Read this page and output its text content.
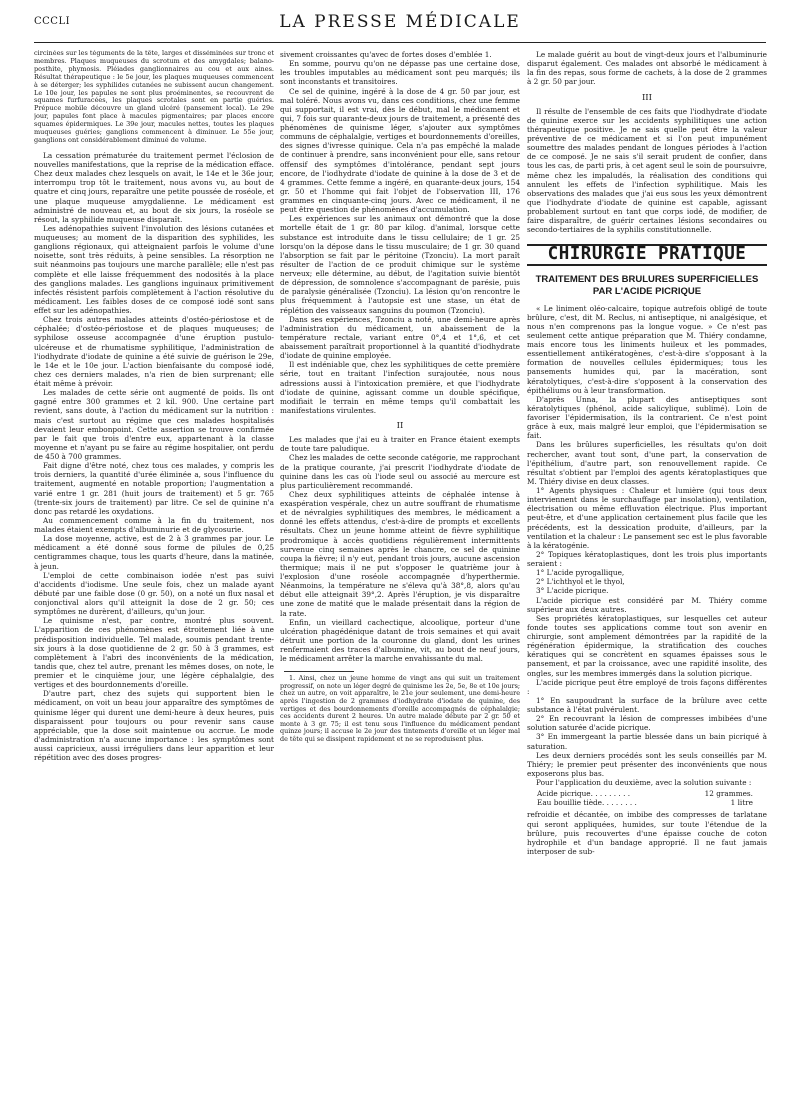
CCCLI	LA PRESSE MÉDICALE

circinées sur les téguments de la tête, larges et disséminées sur tronc et membres. Plaques muqueuses du scrotum et des amygdales; balano-posthite, phymosis. Pléiades ganglionnaires au cou et aux aines. Résultat thérapeutique : le 5e jour, les plaques muqueuses commencent à se déterger; les syphilides cutanées ne subissent aucun changement. Le 10e jour, les papules ne sont plus proéminentes, se recouvrent de squames furfuracées, les plaques scrotales sont en partie guéries. Prépuce mobile découvre un gland ulcéré (pansement local). Le 29e jour, papules font place à macules pigmentaires; par places encore squames épidermiques. Le 39e jour, macules nettes, toutes les plaques muqueuses guéries; ganglions commencent à diminuer. Le 55e jour, ganglions ont considérablement diminué de volume.

La cessation prématurée du traitement permet l'éclosion de nouvelles manifestations, que la reprise de la médication efface. Chez deux malades chez lesquels on avait, le 14e et le 36e jour, interrompu trop tôt le traitement, nous avons vu, au bout de quatre et cinq jours, reparaître une petite poussée de roséole, et une plaque muqueuse amygdalienne. Le médicament est administré de nouveau et, au bout de six jours, la roséole se résout, la syphilide muqueuse disparaît.

Les adénopathies suivent l'involution des lésions cutanées et muqueuses; au moment de la disparition des syphilides, les ganglions régionaux, qui atteignaient parfois le volume d'une noisette, sont très réduits, à peine sensibles. La résorption ne suit néanmoins pas toujours une marche parallèle; elle n'est pas complète et elle laisse fréquemment des nodosités à la place des ganglions malades. Les ganglions inguinaux primitivement infectés résistent parfois complètement à l'action résolutive du médicament. Les faibles doses de ce composé iodé sont sans effet sur les adénopathies.

Chez trois autres malades atteints d'ostéo-périostose et de céphalée; d'ostéo-périostose et de plaques muqueuses; de syphilose osseuse accompagnée d'une éruption pustulo-ulcéreuse et de rhumatisme syphilitique, l'administration de l'iodhydrate d'iodate de quinine a été suivie de guérison le 29e, le 14e et le 10e jour. L'action bienfaisante du composé iodé, chez ces derniers malades, n'a rien de bien surprenant; elle était même à prévoir.

Les malades de cette série ont augmenté de poids. Ils ont gagné entre 300 grammes et 2 kil. 900. Une certaine part revient, sans doute, à l'action du médicament sur la nutrition : mais c'est surtout au régime que ces malades hospitalisés devaient leur embonpoint. Cette assertion se trouve confirmée par le fait que trois d'entre eux, appartenant à la classe moyenne et n'ayant pu se faire au régime hospitalier, ont perdu de 450 à 700 grammes.

Fait digne d'être noté, chez tous ces malades, y compris les trois derniers, la quantité d'urée éliminée a, sous l'influence du traitement, augmenté en notable proportion; l'augmentation a varié entre 1 gr. 281 (huit jours de traitement) et 5 gr. 765 (trente-six jours de traitement) par litre. Ce sel de quinine n'a donc pas retardé les oxydations.

Au commencement comme à la fin du traitement, nos malades étaient exempts d'albuminurie et de glycosurie.

La dose moyenne, active, est de 2 à 3 grammes par jour. Le médicament a été donné sous forme de pilules de 0,25 centigrammes chaque, tous les quarts d'heure, dans la matinée, à jeun.

L'emploi de cette combinaison iodée n'est pas suivi d'accidents d'iodisme. Une seule fois, chez un malade ayant débuté par une faible dose (0 gr. 50), on a noté un flux nasal et conjonctival alors qu'il atteignit la dose de 2 gr. 50; ces symptômes ne durèrent, d'ailleurs, qu'un jour.

Le quinisme n'est, par contre, montré plus souvent. L'apparition de ces phénomènes est étroitement liée à une prédisposition individuelle. Tel malade, soumis pendant trente-six jours à la dose quotidienne de 2 gr. 50 à 3 grammes, est complètement à l'abri des inconvénients de la médication, tandis que, chez tel autre, prenant les mêmes doses, on note, le premier et le cinquième jour, une légère céphalalgie, des vertiges et des bourdonnements d'oreille.

D'autre part, chez des sujets qui supportent bien le médicament, on voit un beau jour apparaître des symptômes de quinisme léger qui durent une demi-heure à deux heures, puis disparaissent pour toujours ou pour revenir sans cause appréciable, que la dose soit maintenue ou accrue. Le mode d'administration n'a aucune importance : les symptômes sont aussi capricieux, aussi irréguliers dans leur apparition et leur répétition avec des doses progres-

sivement croissantes qu'avec de fortes doses d'emblée 1.

En somme, pourvu qu'on ne dépasse pas une certaine dose, les troubles imputables au médicament sont peu marqués; ils sont inconstants et transitoires.

Ce sel de quinine, ingéré à la dose de 4 gr. 50 par jour, est mal toléré. Nous avons vu, dans ces conditions, chez une femme qui supportait, il est vrai, dès le début, mal le médicament et qui, 7 fois sur quarante-deux jours de traitement, a présenté des phénomènes de quinisme léger, s'ajouter aux symptômes communs de céphalalgie, vertiges et bourdonnements d'oreilles, des signes d'ivresse quinique. Cela n'a pas empêché la malade de continuer à prendre, sans inconvénient pour elle, sans retour offensif des symptômes d'intolérance, pendant sept jours encore, de l'iodhydrate d'iodate de quinine à la dose de 3 et de 4 grammes. Cette femme a ingéré, en quarante-deux jours, 154 gr. 50 et l'homme qui fait l'objet de l'observation III, 176 grammes en cinquante-cinq jours. Avec ce médicament, il ne peut être question de phénomènes d'accumulation.

Les expériences sur les animaux ont démontré que la dose mortelle était de 1 gr. 80 par kilog. d'animal, lorsque cette substance est introduite dans le tissu cellulaire; de 1 gr. 25 lorsqu'on la dépose dans le tissu musculaire; de 1 gr. 30 quand l'absorption se fait par le péritoine (Tzonciu). La mort paraît résulter de l'action de ce produit chimique sur le système nerveux; elle détermine, au début, de l'agitation suivie bientôt de dépression, de somnolence s'accompagnant de parésie, puis de paralysie généralisée (Tzonciu). La lésion qu'on rencontre le plus fréquemment à l'autopsie est une stase, un état de réplétion des vaisseaux sanguins du poumon (Tzonciu).

Dans ses expériences, Tzonciu a noté, une demi-heure après l'administration du médicament, un abaissement de la température rectale, variant entre 0°,4 et 1°,6, et cet abaissement paraîtrait proportionnel à la quantité d'iodhydrate d'iodate de quinine employée.

Il est indéniable que, chez les syphilitiques de cette première série, tout en traitant l'infection surajoutée, nous nous adressions aussi à l'intoxication première, et que l'iodhydrate d'iodate de quinine, agissant comme un double spécifique, modifiait le terrain en même temps qu'il combattait les manifestations virulentes.

II

Les malades que j'ai eu à traiter en France étaient exempts de toute tare paludique.

Chez les malades de cette seconde catégorie, me rapprochant de la pratique courante, j'ai prescrit l'iodhydrate d'iodate de quinine dans les cas où l'iode seul ou associé au mercure est plus particulièrement recommandé.

Chez deux syphilitiques atteints de céphalée intense à exaspération vespérale, chez un autre souffrant de rhumatisme et de névralgies syphilitiques des membres, le médicament a donné les effets attendus, c'est-à-dire de prompts et excellents résultats. Chez un jeune homme atteint de fièvre syphilitique prodromique à accès quotidiens régulièrement intermittents survenue cinq semaines après le chancre, ce sel de quinine coupa la fièvre; il n'y eut, pendant trois jours, aucune ascension thermique; mais il ne put s'opposer le quatrième jour à l'explosion d'une roséole accompagnée d'hyperthermie. Néanmoins, la température ne s'éleva qu'à 38°,8, alors qu'au début elle atteignait 39°,2. Après l'éruption, je vis disparaître une zone de matité que le malade présentait dans la région de la rate.

Enfin, un vieillard cachectique, alcoolique, porteur d'une ulcération phagédénique datant de trois semaines et qui avait détruit une portion de la couronne du gland, dont les urines renfermaient des traces d'albumine, vit, au bout de neuf jours, le médicament arrêter la marche envahissante du mal.

1. Ainsi, chez un jeune homme de vingt ans qui suit un traitement progressif, on note un léger degré de quinisme les 2e, 5e, 8e et 10e jours; chez un autre, on voit apparaître, le 21e jour seulement, une demi-heure après l'ingestion de 2 grammes d'iodhydrate d'iodate de quinine, des vertiges et des bourdonnements d'oreille accompagnés de céphalalgie; ces accidents durent 2 heures. Un autre malade débute par 2 gr. 50 et monte à 3 gr. 75; il est tenu sous l'influence du médicament pendant quinze jours; il accuse le 2e jour des tintements d'oreille et un léger mal de tête qui se dissipent rapidement et ne se reproduisent plus.

Le malade guérit au bout de vingt-deux jours et l'albuminurie disparut également. Ces malades ont absorbé le médicament à la fin des repas, sous forme de cachets, à la dose de 2 grammes à 2 gr. 50 par jour.

III

Il résulte de l'ensemble de ces faits que l'iodhydrate d'iodate de quinine exerce sur les accidents syphilitiques une action thérapeutique positive. Je ne sais quelle peut être la valeur préventive de ce médicament et si l'on peut impunément soumettre des malades pendant de longues périodes à l'action de ce composé. Je ne sais s'il serait prudent de confier, dans tous les cas, de parti pris, à cet agent seul le soin de poursuivre, même chez les impaludés, la réalisation des conditions qui annulent les effets de l'infection syphilitique. Mais les observations des malades que j'ai eus sous les yeux démontrent que l'iodhydrate d'iodate de quinine est capable, agissant probablement surtout en tant que corps iodé, de modifier, de faire disparaître, de guérir certaines lésions secondaires ou secondo-tertiaires de la syphilis constitutionnelle.

CHIRURGIE PRATIQUE
TRAITEMENT DES BRULURES SUPERFICIELLES
PAR L'ACIDE PICRIQUE

« Le liniment oléo-calcaire, topique autrefois obligé de toute brûlure, c'est, dit M. Reclus, ni antiseptique, ni analgésique, et nous n'en comprenons pas la longue vogue. » Ce n'est pas seulement cette antique préparation que M. Thiéry condamne, mais encore tous les liniments huileux et les pommades, essentiellement antikératogènes, c'est-à-dire s'opposant à la formation de nouvelles cellules épidermiques; tous les pansements humides qui, par la macération, sont kératolytiques, c'est-à-dire s'opposent à la conservation des épithéliums ou à leur transformation.

D'après Unna, la plupart des antiseptiques sont kératolytiques (phénol, acide salicylique, sublimé). Loin de favoriser l'épidermisation, ils la contrarient. Ce n'est point grâce à eux, mais malgré leur emploi, que l'épidermisation se fait.

Dans les brûlures superficielles, les résultats qu'on doit rechercher, avant tout sont, d'une part, la conservation de l'épithélium, d'autre part, son renouvellement rapide. Ce résultat s'obtient par l'emploi des agents kératoplastiques que M. Thiéry divise en deux classes.

1° Agents physiques : Chaleur et lumière (qui tous deux interviennent dans le surchauffage par insolation), ventilation, électrisation ou même effluvation électrique. Plus important peut-être, et d'une application certainement plus facile que les précédents, est la dessication produite, d'ailleurs, par la ventilation et la chaleur : Le pansement sec est le plus favorable à la kératogénie.

2° Topiques kératoplastiques, dont les trois plus importants seraient :

1° L'acide pyrogallique,

2° L'ichthyol et le thyol,

3° L'acide picrique.

L'acide picrique est considéré par M. Thiéry comme supérieur aux deux autres.

Ses propriétés kératoplastiques, sur lesquelles cet auteur fonde toutes ses applications comme tout son avenir en chirurgie, sont amplement démontrées par la rapidité de la régénération épidermique, la stratification des couches kératiques qui se concrètent en squames épaisses sous le pansement, et par la croissance, avec une rapidité insolite, des ongles, sur les membres immergés dans la solution picrique.

L'acide picrique peut être employé de trois façons différentes :

1° En saupoudrant la surface de la brûlure avec cette substance à l'état pulvérulent.

2° En recouvrant la lésion de compresses imbibées d'une solution saturée d'acide picrique.

3° En immergeant la partie blessée dans un bain picriqué à saturation.

Les deux derniers procédés sont les seuls conseillés par M. Thiéry; le premier peut présenter des inconvénients que nous exposerons plus bas.

Pour l'application du deuxième, avec la solution suivante :

Acide picrique. . . . . . . . .	12 grammes.
Eau bouillie tiède. . . . . . . .	1 litre

refroidie et décantée, on imbibe des compresses de tarlatane qui seront appliquées, humides, sur toute l'étendue de la brûlure, puis recouvertes d'une épaisse couche de coton hydrophile et d'un bandage approprié. Il ne faut jamais interposer de sub-
